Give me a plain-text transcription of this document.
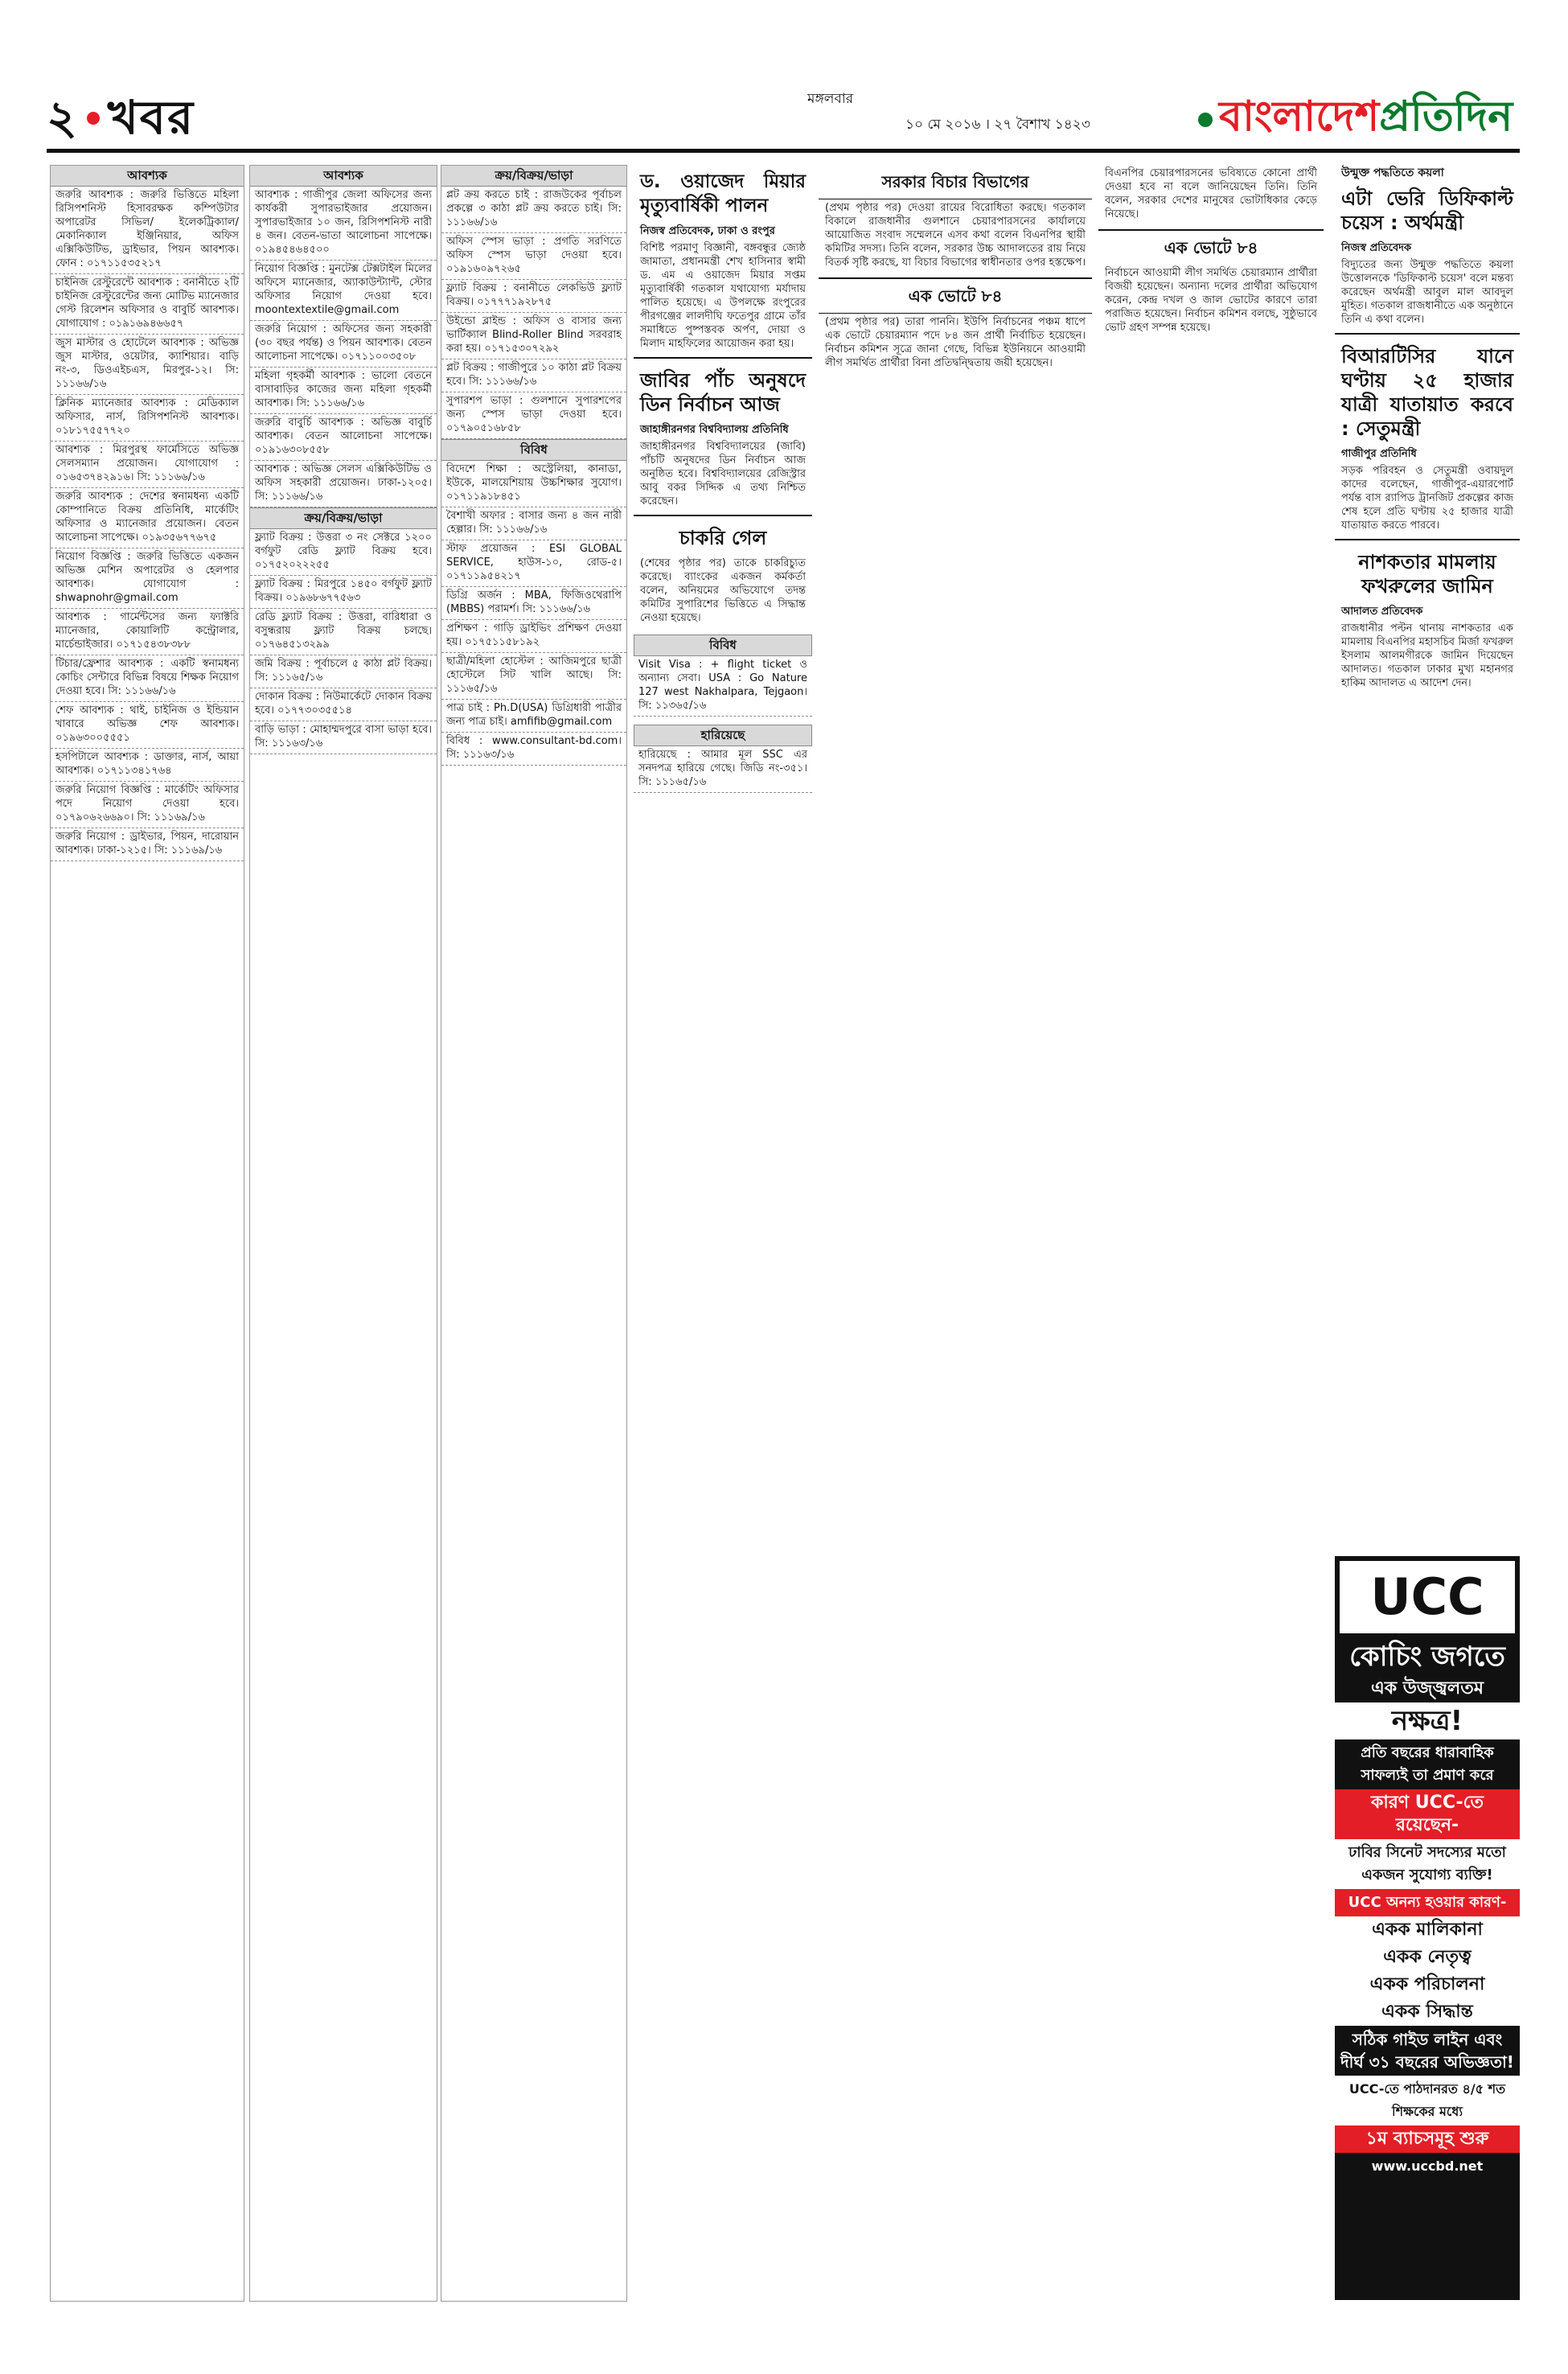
২ খবর	মঙ্গলবার
১০ মে ২০১৬ । ২৭ বৈশাখ ১৪২৩	বাংলাদেশপ্রতিদিন
আবশ্যক
জরুরি আবশ্যক : জরুরি ভিত্তিতে মহিলা রিসিপশনিস্ট হিসাবরক্ষক কম্পিউটার অপারেটর সিভিল/ ইলেকট্রিক্যাল/ মেকানিক্যাল ইঞ্জিনিয়ার, অফিস এক্সিকিউটিভ, ড্রাইভার, পিয়ন আবশ্যক। ফোন : ০১৭১১৫৩৫২১৭
চাইনিজ রেস্টুরেন্টে আবশ্যক : বনানীতে ২টি চাইনিজ রেস্টুরেন্টের জন্য মোটিভ ম্যানেজার গেস্ট রিলেশন অফিসার ও বাবুর্চি আবশ্যক। যোগাযোগ : ০১৯১৬৯৪৬৬৫৭
জুস মাস্টার ও হোটেলে আবশ্যক : অভিজ্ঞ জুস মাস্টার, ওয়েটার, ক্যাশিয়ার। বাড়ি নং-৩, ডিওএইচএস, মিরপুর-১২। সি: ১১১৬৬/১৬
ক্লিনিক ম্যানেজার আবশ্যক : মেডিক্যাল অফিসার, নার্স, রিসিপশনিস্ট আবশ্যক। ০১৮১৭৫৫৭৭২০
আবশ্যক : মিরপুরস্থ ফার্মেসিতে অভিজ্ঞ সেলসম্যান প্রয়োজন। যোগাযোগ : ০১৬৫৩৭৪২৯১৬। সি: ১১১৬৬/১৬
জরুরি আবশ্যক : দেশের স্বনামধন্য একটি কোম্পানিতে বিক্রয় প্রতিনিধি, মার্কেটিং অফিসার ও ম্যানেজার প্রয়োজন। বেতন আলোচনা সাপেক্ষে। ০১৯৩৫৬৭৭৬৭৫
নিয়োগ বিজ্ঞপ্তি : জরুরি ভিত্তিতে একজন অভিজ্ঞ মেশিন অপারেটর ও হেলপার আবশ্যক। যোগাযোগ : shwapnohr@gmail.com
আবশ্যক : গার্মেন্টসের জন্য ফ্যাক্টরি ম্যানেজার, কোয়ালিটি কন্ট্রোলার, মার্চেন্ডাইজার। ০১৭১৫৪৩৮৩৮৮
টিচার/ফ্রেশার আবশ্যক : একটি স্বনামধন্য কোচিং সেন্টারে বিভিন্ন বিষয়ে শিক্ষক নিয়োগ দেওয়া হবে। সি: ১১১৬৬/১৬
শেফ আবশ্যক : থাই, চাইনিজ ও ইন্ডিয়ান খাবারে অভিজ্ঞ শেফ আবশ্যক। ০১৯৬৩০০৫৫৫১
হসপিটালে আবশ্যক : ডাক্তার, নার্স, আয়া আবশ্যক। ০১৭১১৩৪১৭৬৪
জরুরি নিয়োগ বিজ্ঞপ্তি : মার্কেটিং অফিসার পদে নিয়োগ দেওয়া হবে। ০১৭৯০৬২৬৬৯০। সি: ১১১৬৯/১৬
জরুরি নিয়োগ : ড্রাইভার, পিয়ন, দারোয়ান আবশ্যক। ঢাকা-১২১৫। সি: ১১১৬৯/১৬
আবশ্যক
আবশ্যক : গাজীপুর জেলা অফিসের জন্য কার্যকরী সুপারভাইজার প্রয়োজন। সুপারভাইজার ১০ জন, রিসিপশনিস্ট নারী ৪ জন। বেতন-ভাতা আলোচনা সাপেক্ষে। ০১৯৪৫৪৬৪৫০০
নিয়োগ বিজ্ঞপ্তি : মুনটেক্স টেক্সটাইল মিলের অফিসে ম্যানেজার, অ্যাকাউন্ট্যান্ট, স্টোর অফিসার নিয়োগ দেওয়া হবে। moontextextile@gmail.com
জরুরি নিয়োগ : অফিসের জন্য সহকারী (৩০ বছর পর্যন্ত) ও পিয়ন আবশ্যক। বেতন আলোচনা সাপেক্ষে। ০১৭১১০০৩৫০৮
মহিলা গৃহকর্মী আবশ্যক : ভালো বেতনে বাসাবাড়ির কাজের জন্য মহিলা গৃহকর্মী আবশ্যক। সি: ১১১৬৬/১৬
জরুরি বাবুর্চি আবশ্যক : অভিজ্ঞ বাবুর্চি আবশ্যক। বেতন আলোচনা সাপেক্ষে। ০১৯১৬৩০৮৫৫৮
আবশ্যক : অভিজ্ঞ সেলস এক্সিকিউটিভ ও অফিস সহকারী প্রয়োজন। ঢাকা-১২০৫। সি: ১১১৬৬/১৬
ক্রয়/বিক্রয়/ভাড়া
ফ্ল্যাট বিক্রয় : উত্তরা ৩ নং সেক্টরে ১২০০ বর্গফুট রেডি ফ্ল্যাট বিক্রয় হবে। ০১৭৫২০২২২৫৫
ফ্ল্যাট বিক্রয় : মিরপুরে ১৪৫০ বর্গফুট ফ্ল্যাট বিক্রয়। ০১৯৬৮৬৭৭৫৬৩
রেডি ফ্ল্যাট বিক্রয় : উত্তরা, বারিধারা ও বসুন্ধরায় ফ্ল্যাট বিক্রয় চলছে। ০১৭৬৪৫১৩২৯৯
জমি বিক্রয় : পূর্বাচলে ৫ কাঠা প্লট বিক্রয়। সি: ১১১৬৫/১৬
দোকান বিক্রয় : নিউমার্কেটে দোকান বিক্রয় হবে। ০১৭৭৩০৩৫৫১৪
বাড়ি ভাড়া : মোহাম্মদপুরে বাসা ভাড়া হবে। সি: ১১১৬৩/১৬
ক্রয়/বিক্রয়/ভাড়া
প্লট ক্রয় করতে চাই : রাজউকের পূর্বাচল প্রকল্পে ৩ কাঠা প্লট ক্রয় করতে চাই। সি: ১১১৬৬/১৬
অফিস স্পেস ভাড়া : প্রগতি সরণিতে অফিস স্পেস ভাড়া দেওয়া হবে। ০১৯১৬০৯৭২৬৫
ফ্ল্যাট বিক্রয় : বনানীতে লেকভিউ ফ্ল্যাট বিক্রয়। ০১৭৭৭১৯২৮৭৫
উইন্ডো ব্লাইন্ড : অফিস ও বাসার জন্য ভার্টিক্যাল Blind-Roller Blind সরবরাহ করা হয়। ০১৭১৫৩০৭২৯২
প্লট বিক্রয় : গাজীপুরে ১০ কাঠা প্লট বিক্রয় হবে। সি: ১১১৬৬/১৬
সুপারশপ ভাড়া : গুলশানে সুপারশপের জন্য স্পেস ভাড়া দেওয়া হবে। ০১৭৯০৫১৬৮৫৮
বিবিধ
বিদেশে শিক্ষা : অস্ট্রেলিয়া, কানাডা, ইউকে, মালয়েশিয়ায় উচ্চশিক্ষার সুযোগ। ০১৭১১৯১৮৪৫১
বৈশাখী অফার : বাসার জন্য ৪ জন নারী হেল্পার। সি: ১১১৬৬/১৬
স্টাফ প্রয়োজন : ESI GLOBAL SERVICE, হাউস-১০, রোড-৫। ০১৭১১৯৫৪২১৭
ডিগ্রি অর্জন : MBA, ফিজিওথেরাপি (MBBS) পরামর্শ। সি: ১১১৬৬/১৬
প্রশিক্ষণ : গাড়ি ড্রাইভিং প্রশিক্ষণ দেওয়া হয়। ০১৭৫১১৫৮১৯২
ছাত্রী/মহিলা হোস্টেল : আজিমপুরে ছাত্রী হোস্টেলে সিট খালি আছে। সি: ১১১৬৫/১৬
পাত্র চাই : Ph.D(USA) ডিগ্রিধারী পাত্রীর জন্য পাত্র চাই। amfifib@gmail.com
বিবিধ : www.consultant-bd.com। সি: ১১১৬৩/১৬
ড. ওয়াজেদ মিয়ার মৃত্যুবার্ষিকী পালন
নিজস্ব প্রতিবেদক, ঢাকা ও রংপুর
বিশিষ্ট পরমাণু বিজ্ঞানী, বঙ্গবন্ধুর জ্যেষ্ঠ জামাতা, প্রধানমন্ত্রী শেখ হাসিনার স্বামী ড. এম এ ওয়াজেদ মিয়ার সপ্তম মৃত্যুবার্ষিকী গতকাল যথাযোগ্য মর্যাদায় পালিত হয়েছে। এ উপলক্ষে রংপুরের পীরগঞ্জের লালদীঘি ফতেপুর গ্রামে তাঁর সমাধিতে পুষ্পস্তবক অর্পণ, দোয়া ও মিলাদ মাহফিলের আয়োজন করা হয়।
জাবির পাঁচ অনুষদে ডিন নির্বাচন আজ
জাহাঙ্গীরনগর বিশ্ববিদ্যালয় প্রতিনিধি
জাহাঙ্গীরনগর বিশ্ববিদ্যালয়ের (জাবি) পাঁচটি অনুষদের ডিন নির্বাচন আজ অনুষ্ঠিত হবে। বিশ্ববিদ্যালয়ের রেজিস্ট্রার আবু বকর সিদ্দিক এ তথ্য নিশ্চিত করেছেন।
চাকরি গেল
(শেষের পৃষ্ঠার পর) তাকে চাকরিচ্যুত করেছে। ব্যাংকের একজন কর্মকর্তা বলেন, অনিয়মের অভিযোগে তদন্ত কমিটির সুপারিশের ভিত্তিতে এ সিদ্ধান্ত নেওয়া হয়েছে।
বিবিধ
Visit Visa : + flight ticket ও অন্যান্য সেবা। USA : Go Nature 127 west Nakhalpara, Tejgaon। সি: ১১৩৬৫/১৬
হারিয়েছে
হারিয়েছে : আমার মূল SSC এর সনদপত্র হারিয়ে গেছে। জিডি নং-৩৫১। সি: ১১১৬৫/১৬
সরকার বিচার বিভাগের
(প্রথম পৃষ্ঠার পর) দেওয়া রায়ের বিরোধিতা করছে। গতকাল বিকালে রাজধানীর গুলশানে চেয়ারপারসনের কার্যালয়ে আয়োজিত সংবাদ সম্মেলনে এসব কথা বলেন বিএনপির স্থায়ী কমিটির সদস্য। তিনি বলেন, সরকার উচ্চ আদালতের রায় নিয়ে বিতর্ক সৃষ্টি করছে, যা বিচার বিভাগের স্বাধীনতার ওপর হস্তক্ষেপ।
এক ভোটে ৮৪
(প্রথম পৃষ্ঠার পর) তারা পাননি। ইউপি নির্বাচনের পঞ্চম ধাপে এক ভোটে চেয়ারম্যান পদে ৮৪ জন প্রার্থী নির্বাচিত হয়েছেন। নির্বাচন কমিশন সূত্রে জানা গেছে, বিভিন্ন ইউনিয়নে আওয়ামী লীগ সমর্থিত প্রার্থীরা বিনা প্রতিদ্বন্দ্বিতায় জয়ী হয়েছেন।
বিএনপির চেয়ারপারসনের ভবিষ্যতে কোনো প্রার্থী দেওয়া হবে না বলে জানিয়েছেন তিনি। তিনি বলেন, সরকার দেশের মানুষের ভোটাধিকার কেড়ে নিয়েছে।
এক ভোটে ৮৪
নির্বাচনে আওয়ামী লীগ সমর্থিত চেয়ারম্যান প্রার্থীরা বিজয়ী হয়েছেন। অন্যান্য দলের প্রার্থীরা অভিযোগ করেন, কেন্দ্র দখল ও জাল ভোটের কারণে তারা পরাজিত হয়েছেন। নির্বাচন কমিশন বলছে, সুষ্ঠুভাবে ভোট গ্রহণ সম্পন্ন হয়েছে।
উন্মুক্ত পদ্ধতিতে কয়লা
এটা ভেরি ডিফিকাল্ট চয়েস : অর্থমন্ত্রী
নিজস্ব প্রতিবেদক
বিদ্যুতের জন্য উন্মুক্ত পদ্ধতিতে কয়লা উত্তোলনকে 'ডিফিকাল্ট চয়েস' বলে মন্তব্য করেছেন অর্থমন্ত্রী আবুল মাল আবদুল মুহিত। গতকাল রাজধানীতে এক অনুষ্ঠানে তিনি এ কথা বলেন।
বিআরটিসির যানে ঘণ্টায় ২৫ হাজার যাত্রী যাতায়াত করবে : সেতুমন্ত্রী
গাজীপুর প্রতিনিধি
সড়ক পরিবহন ও সেতুমন্ত্রী ওবায়দুল কাদের বলেছেন, গাজীপুর-এয়ারপোর্ট পর্যন্ত বাস র‌্যাপিড ট্রানজিট প্রকল্পের কাজ শেষ হলে প্রতি ঘণ্টায় ২৫ হাজার যাত্রী যাতায়াত করতে পারবে।
নাশকতার মামলায় ফখরুলের জামিন
আদালত প্রতিবেদক
রাজধানীর পল্টন থানায় নাশকতার এক মামলায় বিএনপির মহাসচিব মির্জা ফখরুল ইসলাম আলমগীরকে জামিন দিয়েছেন আদালত। গতকাল ঢাকার মুখ্য মহানগর হাকিম আদালত এ আদেশ দেন।
UCC
কোচিং জগতে
এক উজ্জ্বলতম
নক্ষত্র!
প্রতি বছরের ধারাবাহিক সাফল্যই তা প্রমাণ করে
কারণ UCC-তে রয়েছেন-
ঢাবির সিনেট সদস্যের মতো একজন সুযোগ্য ব্যক্তি!
UCC অনন্য হওয়ার কারণ-
একক মালিকানা
একক নেতৃত্ব
একক পরিচালনা
একক সিদ্ধান্ত
সঠিক গাইড লাইন এবং দীর্ঘ ৩১ বছরের অভিজ্ঞতা!
UCC-তে পাঠদানরত ৪/৫ শত শিক্ষকের মধ্যে
১ম ব্যাচসমূহ শুরু
www.uccbd.net
